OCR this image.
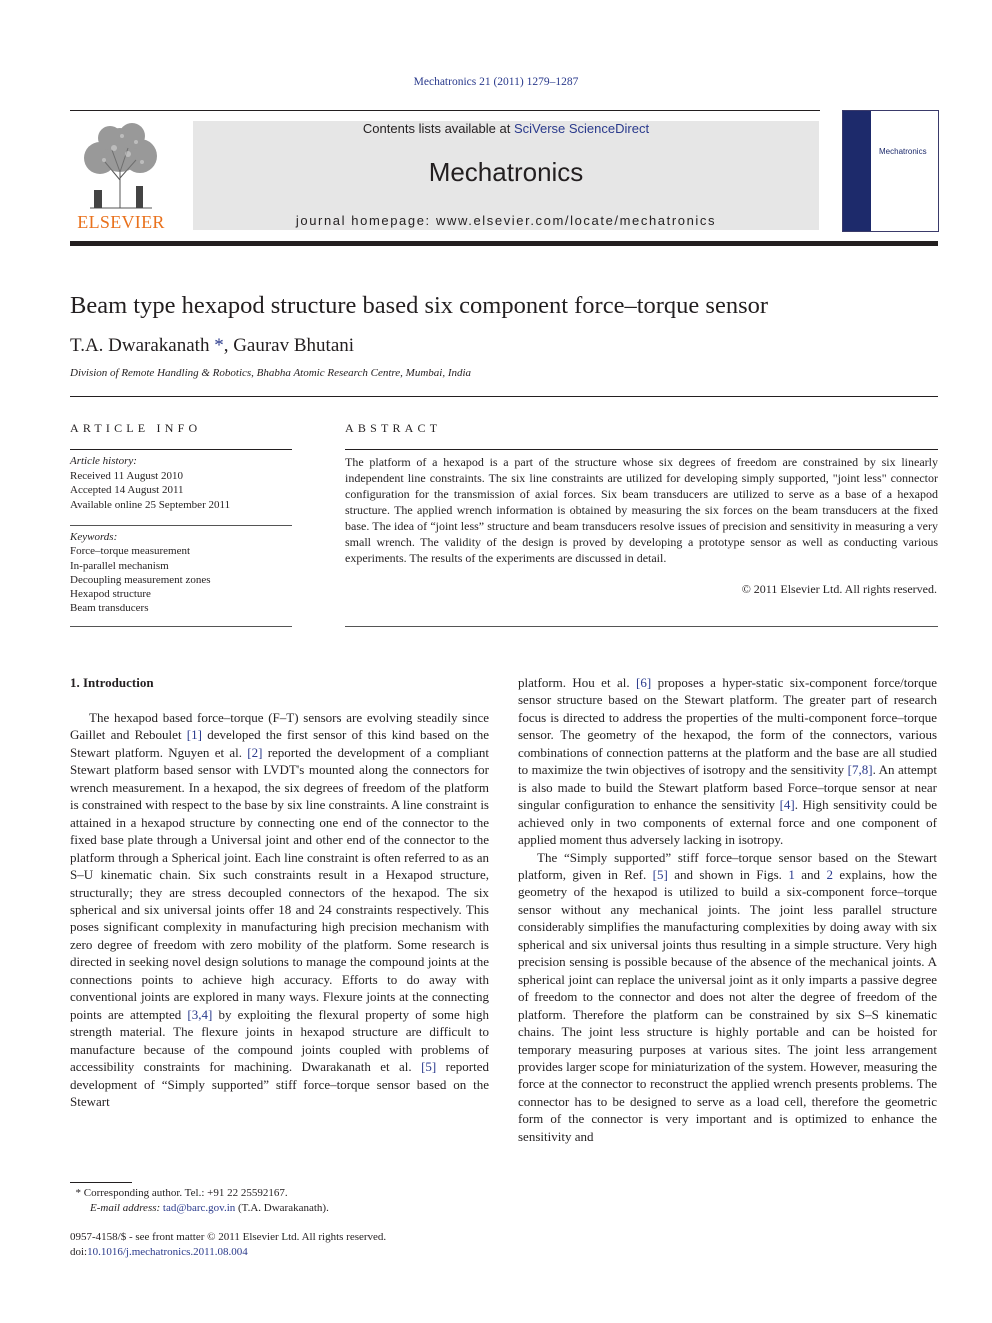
Mechatronics 21 (2011) 1279–1287
ELSEVIER
Contents lists available at SciVerse ScienceDirect
Mechatronics
journal homepage: www.elsevier.com/locate/mechatronics
Mechatronics
Beam type hexapod structure based six component force–torque sensor
T.A. Dwarakanath *, Gaurav Bhutani
Division of Remote Handling & Robotics, Bhabha Atomic Research Centre, Mumbai, India
ARTICLE INFO	ABSTRACT
Article history:
Received 11 August 2010
Accepted 14 August 2011
Available online 25 September 2011
Keywords:
Force–torque measurement
In-parallel mechanism
Decoupling measurement zones
Hexapod structure
Beam transducers
The platform of a hexapod is a part of the structure whose six degrees of freedom are constrained by six linearly independent line constraints. The six line constraints are utilized for developing simply supported, "joint less" connector configuration for the transmission of axial forces. Six beam transducers are utilized to serve as a base of a hexapod structure. The applied wrench information is obtained by measuring the six forces on the beam transducers at the fixed base. The idea of “joint less” structure and beam transducers resolve issues of precision and sensitivity in measuring a very small wrench. The validity of the design is proved by developing a prototype sensor as well as conducting various experiments. The results of the experiments are discussed in detail.
© 2011 Elsevier Ltd. All rights reserved.
1. Introduction

The hexapod based force–torque (F–T) sensors are evolving steadily since Gaillet and Reboulet [1] developed the first sensor of this kind based on the Stewart platform. Nguyen et al. [2] reported the development of a compliant Stewart platform based sensor with LVDT's mounted along the connectors for wrench measurement. In a hexapod, the six degrees of freedom of the platform is constrained with respect to the base by six line constraints. A line constraint is attained in a hexapod structure by connecting one end of the connector to the fixed base plate through a Universal joint and other end of the connector to the platform through a Spherical joint. Each line constraint is often referred to as an S–U kinematic chain. Six such constraints result in a Hexapod structure, structurally; they are stress decoupled connectors of the hexapod. The six spherical and six universal joints offer 18 and 24 constraints respectively. This poses significant complexity in manufacturing high precision mechanism with zero degree of freedom with zero mobility of the platform. Some research is directed in seeking novel design solutions to manage the compound joints at the connections points to achieve high accuracy. Efforts to do away with conventional joints are explored in many ways. Flexure joints at the connecting points are attempted [3,4] by exploiting the flexural property of some high strength material. The flexure joints in hexapod structure are difficult to manufacture because of the compound joints coupled with problems of accessibility constraints for machining. Dwarakanath et al. [5] reported development of “Simply supported” stiff force–torque sensor based on the Stewart

platform. Hou et al. [6] proposes a hyper-static six-component force/torque sensor structure based on the Stewart platform. The greater part of research focus is directed to address the properties of the multi-component force–torque sensor. The geometry of the hexapod, the form of the connectors, various combinations of connection patterns at the platform and the base are all studied to maximize the twin objectives of isotropy and the sensitivity [7,8]. An attempt is also made to build the Stewart platform based Force–torque sensor at near singular configuration to enhance the sensitivity [4]. High sensitivity could be achieved only in two components of external force and one component of applied moment thus adversely lacking in isotropy.

The “Simply supported” stiff force–torque sensor based on the Stewart platform, given in Ref. [5] and shown in Figs. 1 and 2 explains, how the geometry of the hexapod is utilized to build a six-component force–torque sensor without any mechanical joints. The joint less parallel structure considerably simplifies the manufacturing complexities by doing away with six spherical and six universal joints thus resulting in a simple structure. Very high precision sensing is possible because of the absence of the mechanical joints. A spherical joint can replace the universal joint as it only imparts a passive degree of freedom to the connector and does not alter the degree of freedom of the platform. Therefore the platform can be constrained by six S–S kinematic chains. The joint less structure is highly portable and can be hoisted for temporary measuring purposes at various sites. The joint less arrangement provides larger scope for miniaturization of the system. However, measuring the force at the connector to reconstruct the applied wrench presents problems. The connector has to be designed to serve as a load cell, therefore the geometric form of the connector is very important and is optimized to enhance the sensitivity and

* Corresponding author. Tel.: +91 22 25592167.
E-mail address: tad@barc.gov.in (T.A. Dwarakanath).
0957-4158/$ - see front matter © 2011 Elsevier Ltd. All rights reserved.
doi:10.1016/j.mechatronics.2011.08.004
